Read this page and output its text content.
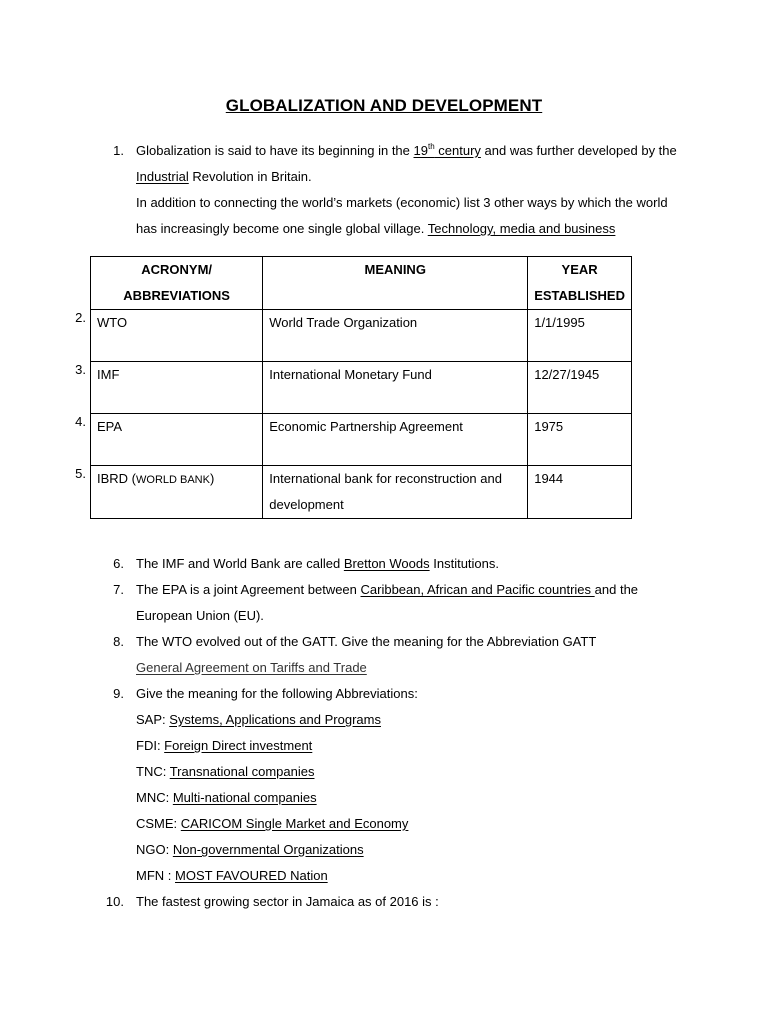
GLOBALIZATION AND DEVELOPMENT
1. Globalization is said to have its beginning in the 19th century and was further developed by the
Industrial Revolution in Britain.
In addition to connecting the world’s markets (economic) list 3 other ways by which the world
has increasingly become one single global village. Technology, media and business
ACRONYM/
ABBREVIATIONS	MEANING	YEAR
ESTABLISHED
WTO	World Trade Organization	1/1/1995
IMF	International Monetary Fund	12/27/1945
EPA	Economic Partnership Agreement	1975
IBRD (WORLD BANK)	International bank for reconstruction and
development	1944
2.
3.
4.
5.
6. The IMF and World Bank are called Bretton Woods Institutions.
7. The EPA is a joint Agreement between Caribbean, African and Pacific countries and the
European Union (EU).
8. The WTO evolved out of the GATT. Give the meaning for the Abbreviation GATT
General Agreement on Tariffs and Trade
9. Give the meaning for the following Abbreviations:
SAP: Systems, Applications and Programs
FDI: Foreign Direct investment
TNC: Transnational companies
MNC: Multi-national companies
CSME: CARICOM Single Market and Economy
NGO: Non-governmental Organizations
MFN : MOST FAVOURED Nation
10. The fastest growing sector in Jamaica as of 2016 is :
